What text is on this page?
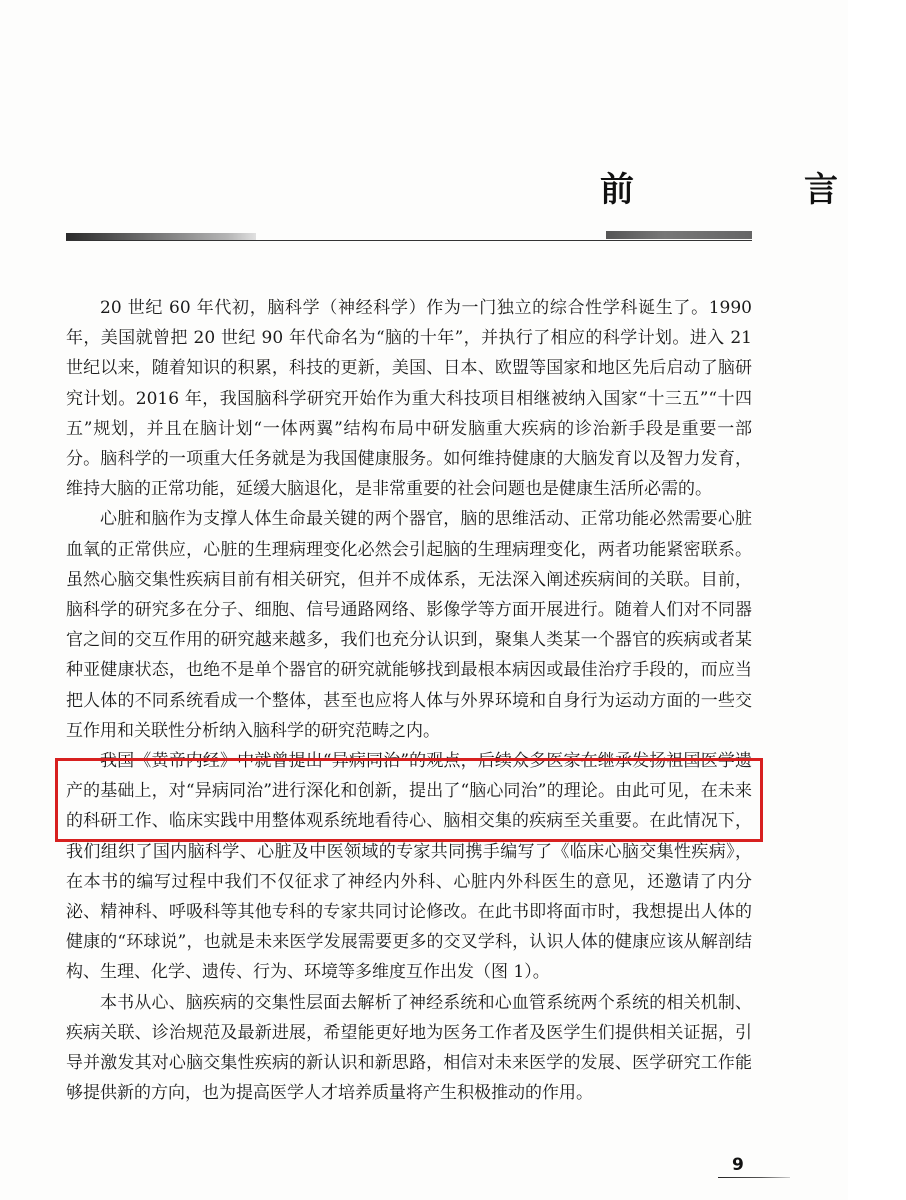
前　言

20 世纪 60 年代初，脑科学（神经科学）作为一门独立的综合性学科诞生了。1990 年，美国就曾把 20 世纪 90 年代命名为“脑的十年”，并执行了相应的科学计划。进入 21 世纪以来，随着知识的积累，科技的更新，美国、日本、欧盟等国家和地区先后启动了脑研究计划。2016 年，我国脑科学研究开始作为重大科技项目相继被纳入国家“十三五”“十四五”规划，并且在脑计划“一体两翼”结构布局中研发脑重大疾病的诊治新手段是重要一部分。脑科学的一项重大任务就是为我国健康服务。如何维持健康的大脑发育以及智力发育，维持大脑的正常功能，延缓大脑退化，是非常重要的社会问题也是健康生活所必需的。

心脏和脑作为支撑人体生命最关键的两个器官，脑的思维活动、正常功能必然需要心脏血氧的正常供应，心脏的生理病理变化必然会引起脑的生理病理变化，两者功能紧密联系。虽然心脑交集性疾病目前有相关研究，但并不成体系，无法深入阐述疾病间的关联。目前，脑科学的研究多在分子、细胞、信号通路网络、影像学等方面开展进行。随着人们对不同器官之间的交互作用的研究越来越多，我们也充分认识到，聚集人类某一个器官的疾病或者某种亚健康状态，也绝不是单个器官的研究就能够找到最根本病因或最佳治疗手段的，而应当把人体的不同系统看成一个整体，甚至也应将人体与外界环境和自身行为运动方面的一些交互作用和关联性分析纳入脑科学的研究范畴之内。

我国《黄帝内经》中就曾提出“异病同治”的观点，后续众多医家在继承发扬祖国医学遗产的基础上，对“异病同治”进行深化和创新，提出了“脑心同治”的理论。由此可见，在未来的科研工作、临床实践中用整体观系统地看待心、脑相交集的疾病至关重要。在此情况下，我们组织了国内脑科学、心脏及中医领域的专家共同携手编写了《临床心脑交集性疾病》，在本书的编写过程中我们不仅征求了神经内外科、心脏内外科医生的意见，还邀请了内分泌、精神科、呼吸科等其他专科的专家共同讨论修改。在此书即将面市时，我想提出人体的健康的“环球说”，也就是未来医学发展需要更多的交叉学科，认识人体的健康应该从解剖结构、生理、化学、遗传、行为、环境等多维度互作出发（图 1）。

本书从心、脑疾病的交集性层面去解析了神经系统和心血管系统两个系统的相关机制、疾病关联、诊治规范及最新进展，希望能更好地为医务工作者及医学生们提供相关证据，引导并激发其对心脑交集性疾病的新认识和新思路，相信对未来医学的发展、医学研究工作能够提供新的方向，也为提高医学人才培养质量将产生积极推动的作用。

9
